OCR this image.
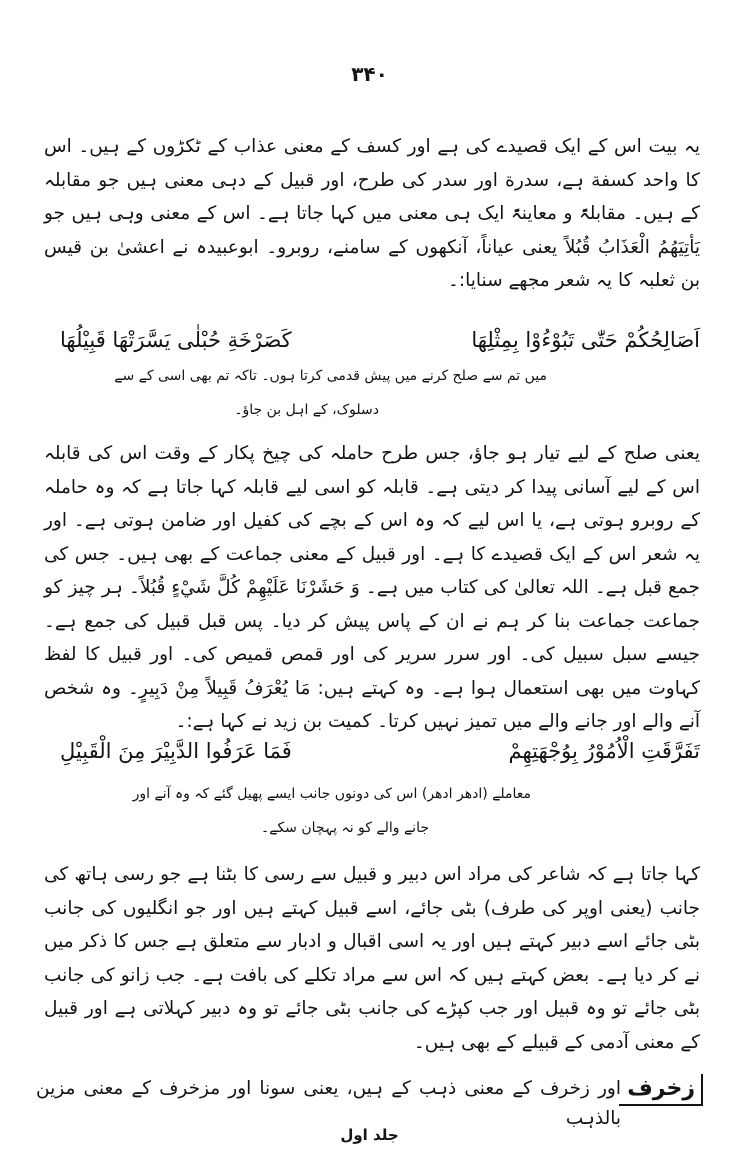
۳۴۰

یہ بیت اس کے ایک قصیدے کی ہے اور کسف کے معنی عذاب کے ٹکڑوں کے ہیں۔ اس کا واحد کسفة ہے، سدرة اور سدر کی طرح، اور قبیل کے دہی معنی ہیں جو مقابلہ کے ہیں۔ مقابلۃً و معاینۃً ایک ہی معنی میں کہا جاتا ہے۔ اس کے معنی وہی ہیں جو یَأتِيَهُمُ الْعَذَابُ قُبُلاً یعنی عیاناً، آنکھوں کے سامنے، روبرو۔ ابوعبیدہ نے اعشیٰ بن قیس بن ثعلبہ کا یہ شعر مجھے سنایا:۔

اَصَالِحُكُمْ حَتّٰى تَبُوْءُوْا بِمِثْلِهَا
كَصَرْخَةِ حُبْلٰى يَسَّرَتْهَا قَبِيْلُهَا
میں تم سے صلح کرنے میں پیش قدمی کرتا ہوں۔ تاکہ تم بھی اسی کے سے
دسلوک، کے اہل بن جاؤ۔

یعنی صلح کے لیے تیار ہو جاؤ، جس طرح حاملہ کی چیخ پکار کے وقت اس کی قابلہ اس کے لیے آسانی پیدا کر دیتی ہے۔ قابلہ کو اسی لیے قابلہ کہا جاتا ہے کہ وہ حاملہ کے روبرو ہوتی ہے، یا اس لیے کہ وہ اس کے بچے کی کفیل اور ضامن ہوتی ہے۔ اور یہ شعر اس کے ایک قصیدے کا ہے۔ اور قبیل کے معنی جماعت کے بھی ہیں۔ جس کی جمع قبل ہے۔ اللہ تعالیٰ کی کتاب میں ہے۔ وَ حَشَرْنَا عَلَيْهِمْ كُلَّ شَيْءٍ قُبُلاً۔ ہر چیز کو جماعت جماعت بنا کر ہم نے ان کے پاس پیش کر دیا۔ پس قبل قبیل کی جمع ہے۔ جیسے سبل سبیل کی۔ اور سرر سریر کی اور قمص قمیص کی۔ اور قبیل کا لفظ کہاوت میں بھی استعمال ہوا ہے۔ وہ کہتے ہیں: مَا یُعْرَفُ قَبِیلاً مِنْ دَبِیرٍ۔ وہ شخص آنے والے اور جانے والے میں تمیز نہیں کرتا۔ کمیت بن زید نے کہا ہے:۔

تَفَرَّقَتِ الْاُمُوْرُ بِوُجْهَتِهِمْ
فَمَا عَرَفُوا الدَّبِيْرَ مِنَ الْقَبِيْلِ
معاملے (ادھر ادھر) اس کی دونوں جانب ایسے پھیل گئے کہ وہ آنے اور
جانے والے کو نہ پہچان سکے۔

کہا جاتا ہے کہ شاعر کی مراد اس دبیر و قبیل سے رسی کا بٹنا ہے جو رسی ہاتھ کی جانب (یعنی اوپر کی طرف) بٹی جائے، اسے قبیل کہتے ہیں اور جو انگلیوں کی جانب بٹی جائے اسے دبیر کہتے ہیں اور یہ اسی اقبال و ادبار سے متعلق ہے جس کا ذکر میں نے کر دیا ہے۔ بعض کہتے ہیں کہ اس سے مراد تکلے کی بافت ہے۔ جب زانو کی جانب بٹی جائے تو وہ قبیل اور جب کپڑے کی جانب بٹی جائے تو وہ دبیر کہلاتی ہے اور قبیل کے معنی آدمی کے قبیلے کے بھی ہیں۔

زخرف
اور زخرف کے معنی ذہب کے ہیں، یعنی سونا اور مزخرف کے معنی مزین بالذہب
جلد اول
